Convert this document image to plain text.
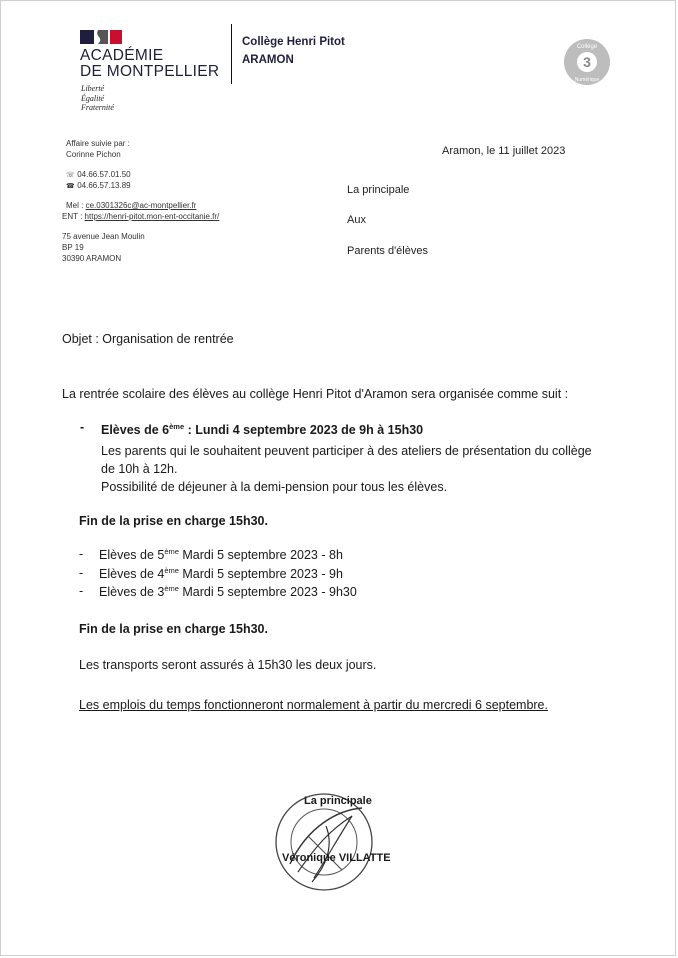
ACADÉMIE
DE MONTPELLIER
Liberté
Égalité
Fraternité
Collège Henri Pitot
ARAMON	3
Collège
Numérique
Affaire suivie par :
Corinne Pichon
☏ 04.66.57.01.50
☎ 04.66.57.13.89
Mel : ce.0301326c@ac-montpellier.fr
ENT : https://henri-pitot.mon-ent-occitanie.fr/
75 avenue Jean Moulin
BP 19
30390 ARAMON
Aramon, le 11 juillet 2023
La principale
Aux
Parents d'élèves
Objet : Organisation de rentrée
La rentrée scolaire des élèves au collège Henri Pitot d'Aramon sera organisée comme suit :
- Elèves de 6ème : Lundi 4 septembre 2023 de 9h à 15h30
Les parents qui le souhaitent peuvent participer à des ateliers de présentation du collège
de 10h à 12h.
Possibilité de déjeuner à la demi-pension pour tous les élèves.
Fin de la prise en charge 15h30.
- Elèves de 5ème Mardi 5 septembre 2023 - 8h
- Elèves de 4ème Mardi 5 septembre 2023 - 9h
- Elèves de 3ème Mardi 5 septembre 2023 - 9h30
Fin de la prise en charge 15h30.
Les transports seront assurés à 15h30 les deux jours.
Les emplois du temps fonctionneront normalement à partir du mercredi 6 septembre.
La principale
Véronique VILLATTE
